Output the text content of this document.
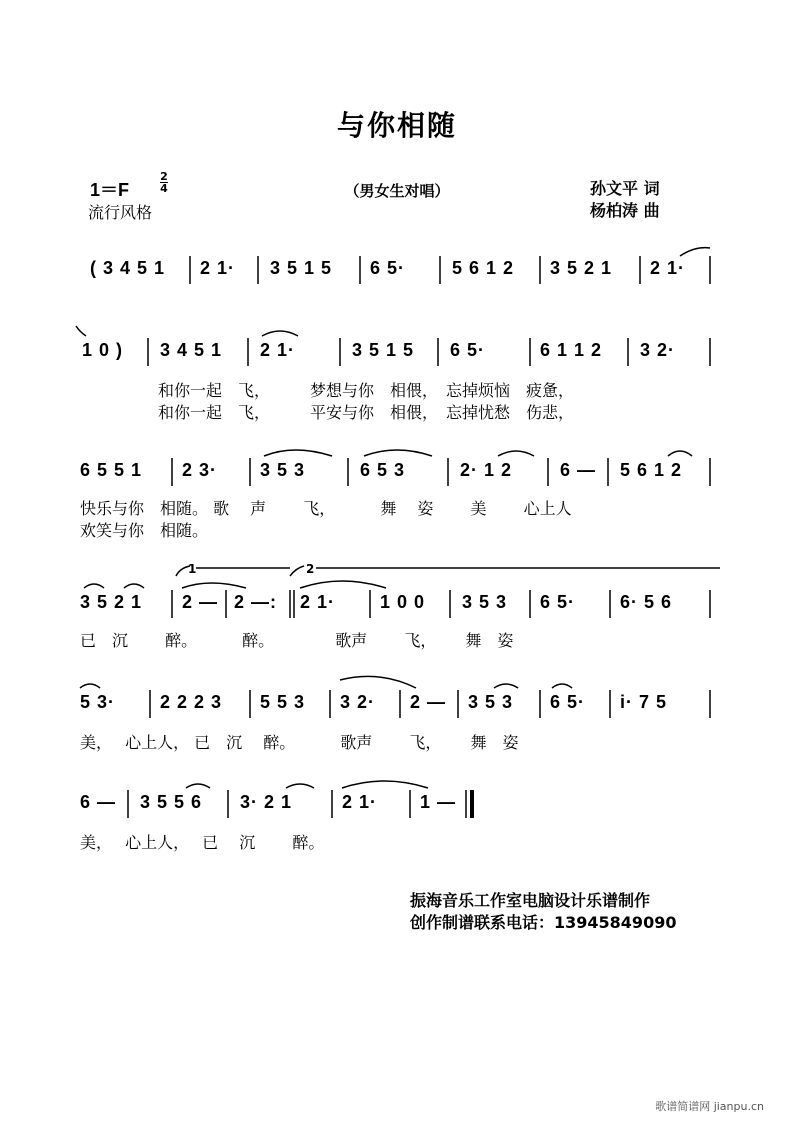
与你相随
1＝F
2
4
流行风格
（男女生对唱）	孙文平 词
杨柏涛 曲
( 3 4 5 1 2 1· 3 5 1 5 6 5·	5 6 1 2 3 5 2 1 2 1·
1 0 ) 3 4 5 1 2 1·	3 5 1 5 6 5·	6 1 1 2 3 2·
和你一起　飞，　　　梦想与你　相偎，　忘掉烦恼　疲惫，
和你一起　飞，　　　平安与你　相偎，　忘掉忧愁　伤悲，
6 5 5 1 2 3· 3 5 3	6 5 3	2· 1 2	6 — 5 6 1 2
快乐与你　相随。 歌　 声　　 飞，　　　 舞　 姿　　 美　　 心上人
欢笑与你　相随。
3 5 2 1 2 — 2 —: 2 1· 1 0 0 3 5 3 6 5· 6· 5 6
1	2
已　沉　　 醉。　　　 醉。　　　　 歌声　　 飞，　　 舞　姿
5 3· 2 2 2 3 5 5 3 3 2· 2 — 3 5 3 6 5· i· 7 5
美，　 心上人， 已　沉　 醉。　　　 歌声　　 飞，　　 舞　姿
6 — 3 5 5 6 3· 2 1	2 1· 1 —
美，　 心上人，　 已　 沉　　 醉。
振海音乐工作室电脑设计乐谱制作
创作制谱联系电话：13945849090
歌谱简谱网 jianpu.cn
